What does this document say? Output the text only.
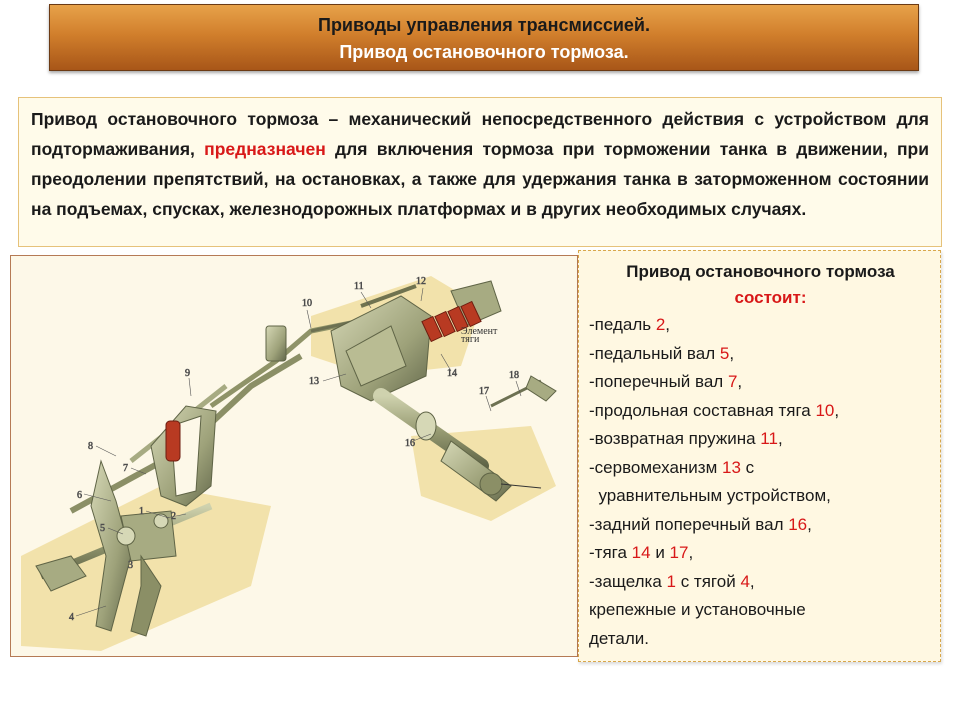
Приводы управления трансмиссией.
Привод остановочного тормоза.
Привод остановочного тормоза – механический непосредственного действия с устройством для подтормаживания, предназначен для включения тормоза при торможении танка в движении, при преодолении препятствий, на остановках, а также для удержания танка в заторможенном состоянии на подъемах, спусках, железнодорожных платформах и в других необходимых случаях.
Элемент
тяги
1	2
3
4
5
6
7
8
9
10
11	12
13
14
16
17
18
Привод остановочного тормоза
состоит:
-педаль 2,
-педальный вал 5,
-поперечный вал 7,
-продольная составная тяга 10,
-возвратная пружина 11,
-сервомеханизм 13 с
уравнительным устройством,
-задний поперечный вал 16,
-тяга 14 и 17,
-защелка 1 с тягой 4,
крепежные и установочные
детали.
